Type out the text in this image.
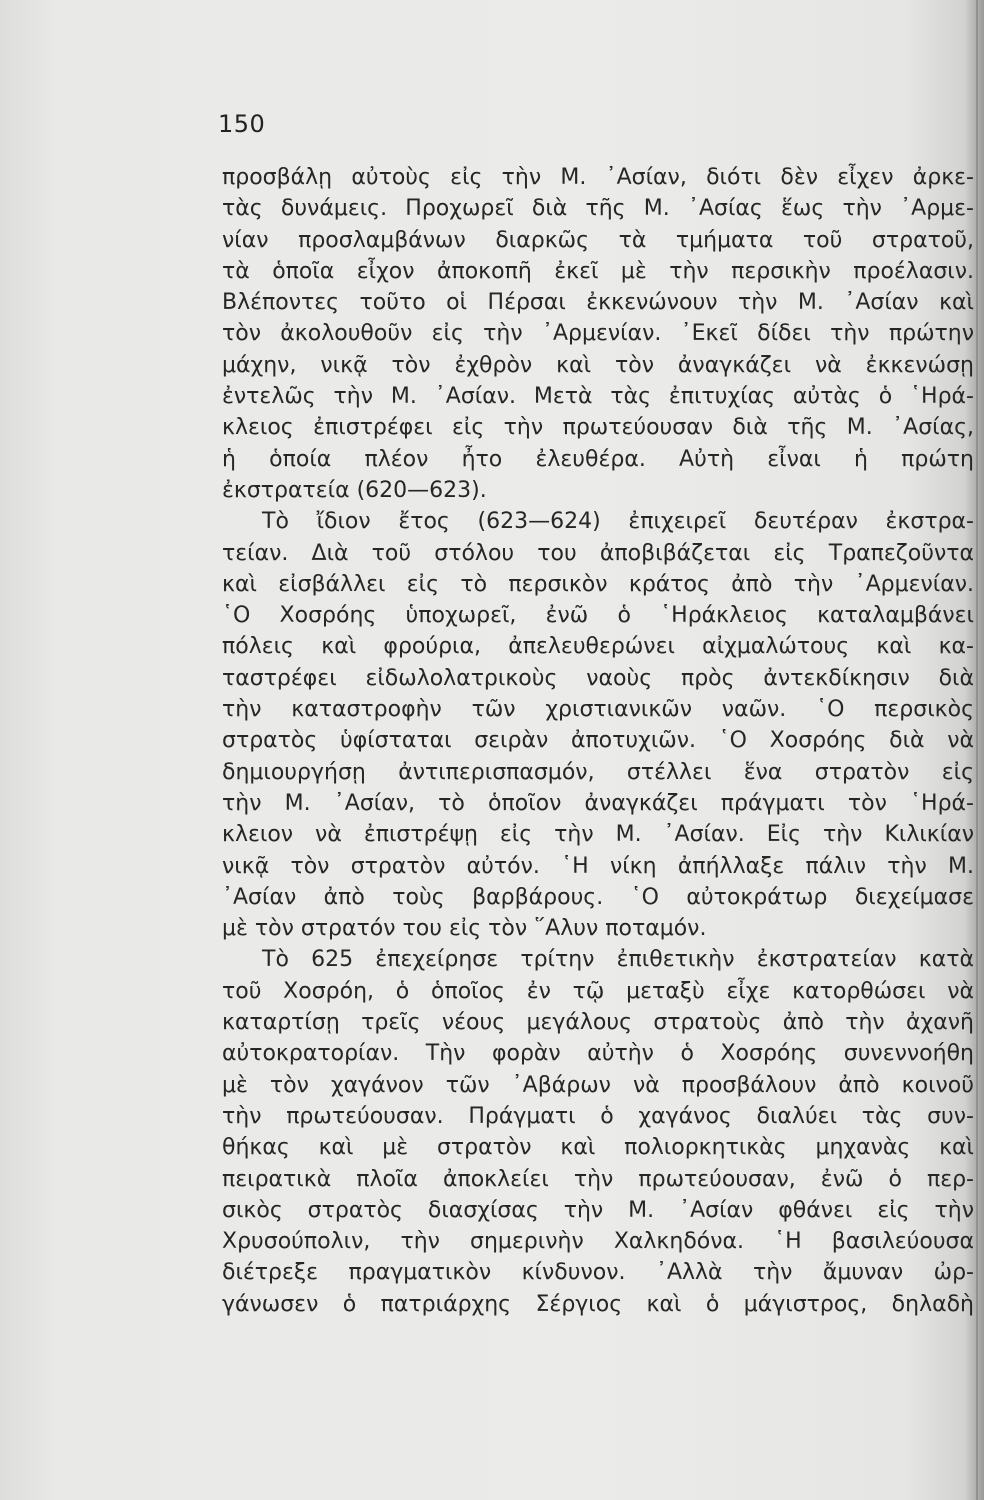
150
προσβάλῃ αὐτοὺς εἰς τὴν Μ. ᾿Ασίαν, διότι δὲν εἶχεν ἀρκε-
τὰς δυνάμεις. Προχωρεῖ διὰ τῆς Μ. ᾿Ασίας ἕως τὴν ᾿Αρμε-
νίαν προσλαμβάνων διαρκῶς τὰ τμήματα τοῦ στρατοῦ,
τὰ ὁποῖα εἶχον ἀποκοπῆ ἐκεῖ μὲ τὴν περσικὴν προέλασιν.
Βλέποντες τοῦτο οἱ Πέρσαι ἐκκενώνουν τὴν Μ. ᾿Ασίαν καὶ
τὸν ἀκολουθοῦν εἰς τὴν ᾿Αρμενίαν. ᾿Εκεῖ δίδει τὴν πρώτην
μάχην, νικᾷ τὸν ἐχθρὸν καὶ τὸν ἀναγκάζει νὰ ἐκκενώσῃ
ἐντελῶς τὴν Μ. ᾿Ασίαν. Μετὰ τὰς ἐπιτυχίας αὐτὰς ὁ ῾Ηρά-
κλειος ἐπιστρέφει εἰς τὴν πρωτεύουσαν διὰ τῆς Μ. ᾿Ασίας,
ἡ ὁποία πλέον ἦτο ἐλευθέρα. Αὐτὴ εἶναι ἡ πρώτη
ἐκστρατεία (620—623).
Τὸ ἴδιον ἔτος (623—624) ἐπιχειρεῖ δευτέραν ἐκστρα-
τείαν. Διὰ τοῦ στόλου του ἀποβιβάζεται εἰς Τραπεζοῦντα
καὶ εἰσβάλλει εἰς τὸ περσικὸν κράτος ἀπὸ τὴν ᾿Αρμενίαν.
῾Ο Χοσρόης ὑποχωρεῖ, ἐνῶ ὁ ῾Ηράκλειος καταλαμβάνει
πόλεις καὶ φρούρια, ἀπελευθερώνει αἰχμαλώτους καὶ κα-
ταστρέφει εἰδωλολατρικοὺς ναοὺς πρὸς ἀντεκδίκησιν διὰ
τὴν καταστροφὴν τῶν χριστιανικῶν ναῶν. ῾Ο περσικὸς
στρατὸς ὑφίσταται σειρὰν ἀποτυχιῶν. ῾Ο Χοσρόης διὰ νὰ
δημιουργήσῃ ἀντιπερισπασμόν, στέλλει ἕνα στρατὸν εἰς
τὴν Μ. ᾿Ασίαν, τὸ ὁποῖον ἀναγκάζει πράγματι τὸν ῾Ηρά-
κλειον νὰ ἐπιστρέψῃ εἰς τὴν Μ. ᾿Ασίαν. Εἰς τὴν Κιλικίαν
νικᾷ τὸν στρατὸν αὐτόν. ῾Η νίκη ἀπήλλαξε πάλιν τὴν Μ.
᾿Ασίαν ἀπὸ τοὺς βαρβάρους. ῾Ο αὐτοκράτωρ διεχείμασε
μὲ τὸν στρατόν του εἰς τὸν ῞Αλυν ποταμόν.
Τὸ 625 ἐπεχείρησε τρίτην ἐπιθετικὴν ἐκστρατείαν κατὰ
τοῦ Χοσρόη, ὁ ὁποῖος ἐν τῷ μεταξὺ εἶχε κατορθώσει νὰ
καταρτίσῃ τρεῖς νέους μεγάλους στρατοὺς ἀπὸ τὴν ἀχανῆ
αὐτοκρατορίαν. Τὴν φορὰν αὐτὴν ὁ Χοσρόης συνεννοήθη
μὲ τὸν χαγάνον τῶν ᾿Αβάρων νὰ προσβάλουν ἀπὸ κοινοῦ
τὴν πρωτεύουσαν. Πράγματι ὁ χαγάνος διαλύει τὰς συν-
θήκας καὶ μὲ στρατὸν καὶ πολιορκητικὰς μηχανὰς καὶ
πειρατικὰ πλοῖα ἀποκλείει τὴν πρωτεύουσαν, ἐνῶ ὁ περ-
σικὸς στρατὸς διασχίσας τὴν Μ. ᾿Ασίαν φθάνει εἰς τὴν
Χρυσούπολιν, τὴν σημερινὴν Χαλκηδόνα. ῾Η βασιλεύουσα
διέτρεξε πραγματικὸν κίνδυνον. ᾿Αλλὰ τὴν ἄμυναν ὠρ-
γάνωσεν ὁ πατριάρχης Σέργιος καὶ ὁ μάγιστρος, δηλαδὴ
